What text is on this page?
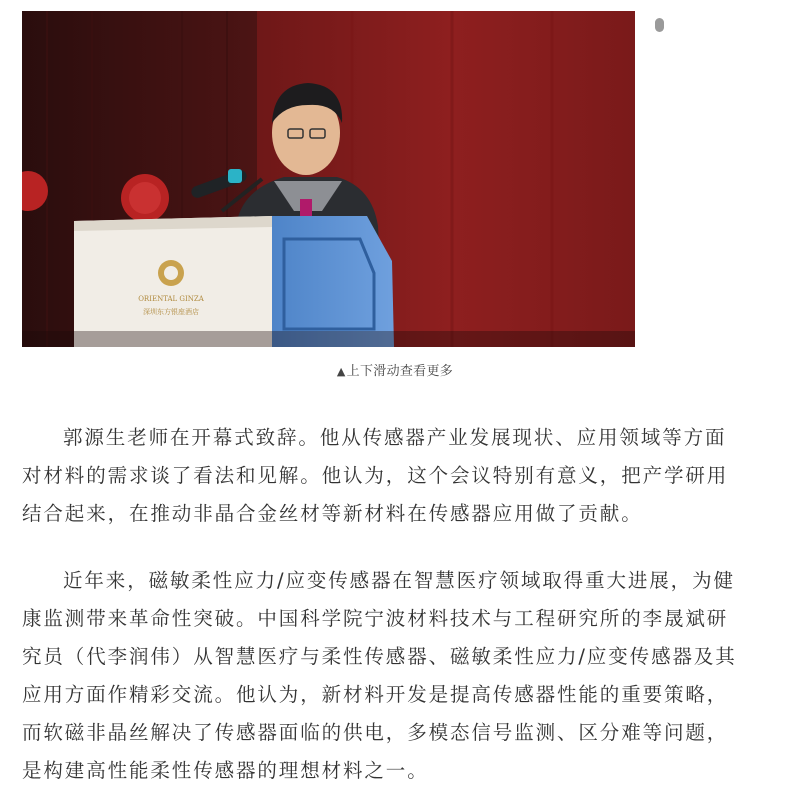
ORIENTAL GINZA
深圳东方银座酒店
▲上下滑动查看更多
郭源生老师在开幕式致辞。他从传感器产业发展现状、应用领域等方面
对材料的需求谈了看法和见解。他认为，这个会议特别有意义，把产学研用
结合起来，在推动非晶合金丝材等新材料在传感器应用做了贡献。
近年来，磁敏柔性应力/应变传感器在智慧医疗领域取得重大进展，为健
康监测带来革命性突破。中国科学院宁波材料技术与工程研究所的李晟斌研
究员（代李润伟）从智慧医疗与柔性传感器、磁敏柔性应力/应变传感器及其
应用方面作精彩交流。他认为，新材料开发是提高传感器性能的重要策略，
而软磁非晶丝解决了传感器面临的供电，多模态信号监测、区分难等问题，
是构建高性能柔性传感器的理想材料之一。
